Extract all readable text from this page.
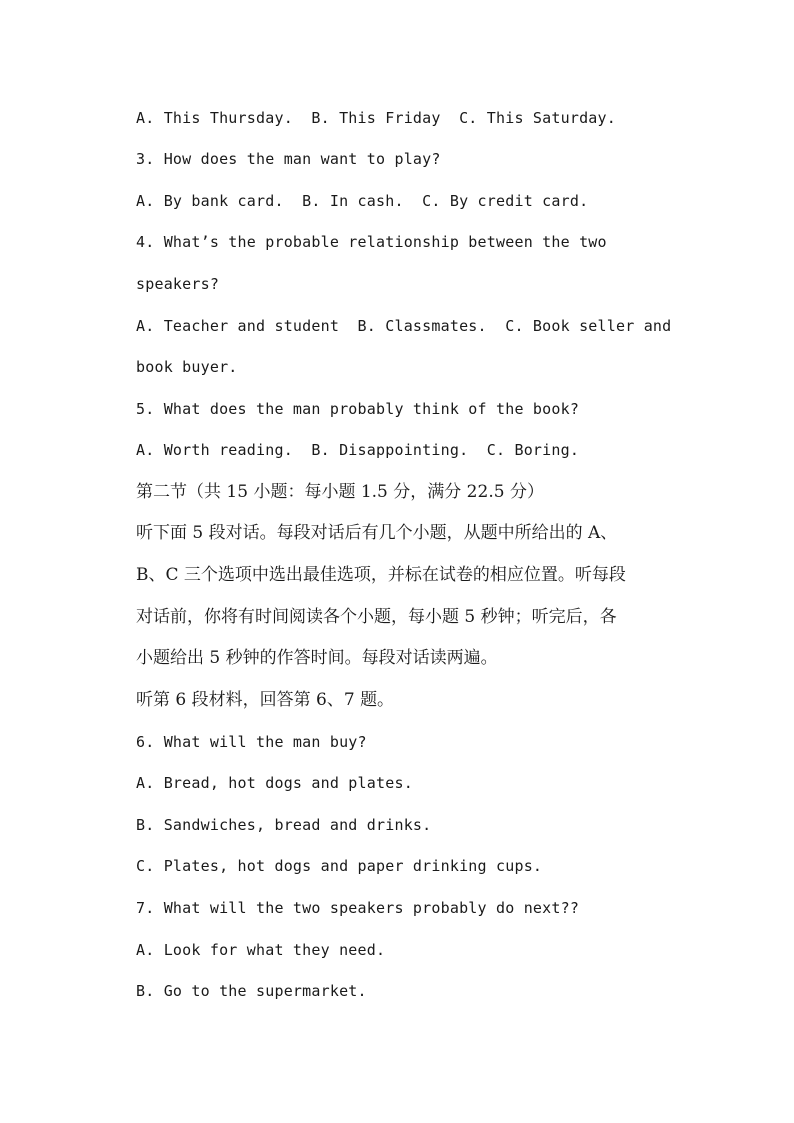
A. This Thursday.  B. This Friday  C. This Saturday.
3. How does the man want to play?
A. By bank card.  B. In cash.  C. By credit card.
4. What’s the probable relationship between the two
speakers?
A. Teacher and student  B. Classmates.  C. Book seller and
book buyer.
5. What does the man probably think of the book?
A. Worth reading.  B. Disappointing.  C. Boring.
第二节（共 15 小题：每小题 1.5 分，满分 22.5 分）
听下面 5 段对话。每段对话后有几个小题，从题中所给出的 A、
B、C 三个选项中选出最佳选项，并标在试卷的相应位置。听每段
对话前，你将有时间阅读各个小题，每小题 5 秒钟；听完后，各
小题给出 5 秒钟的作答时间。每段对话读两遍。
听第 6 段材料，回答第 6、7 题。
6. What will the man buy?
A. Bread, hot dogs and plates.
B. Sandwiches, bread and drinks.
C. Plates, hot dogs and paper drinking cups.
7. What will the two speakers probably do next??
A. Look for what they need.
B. Go to the supermarket.
